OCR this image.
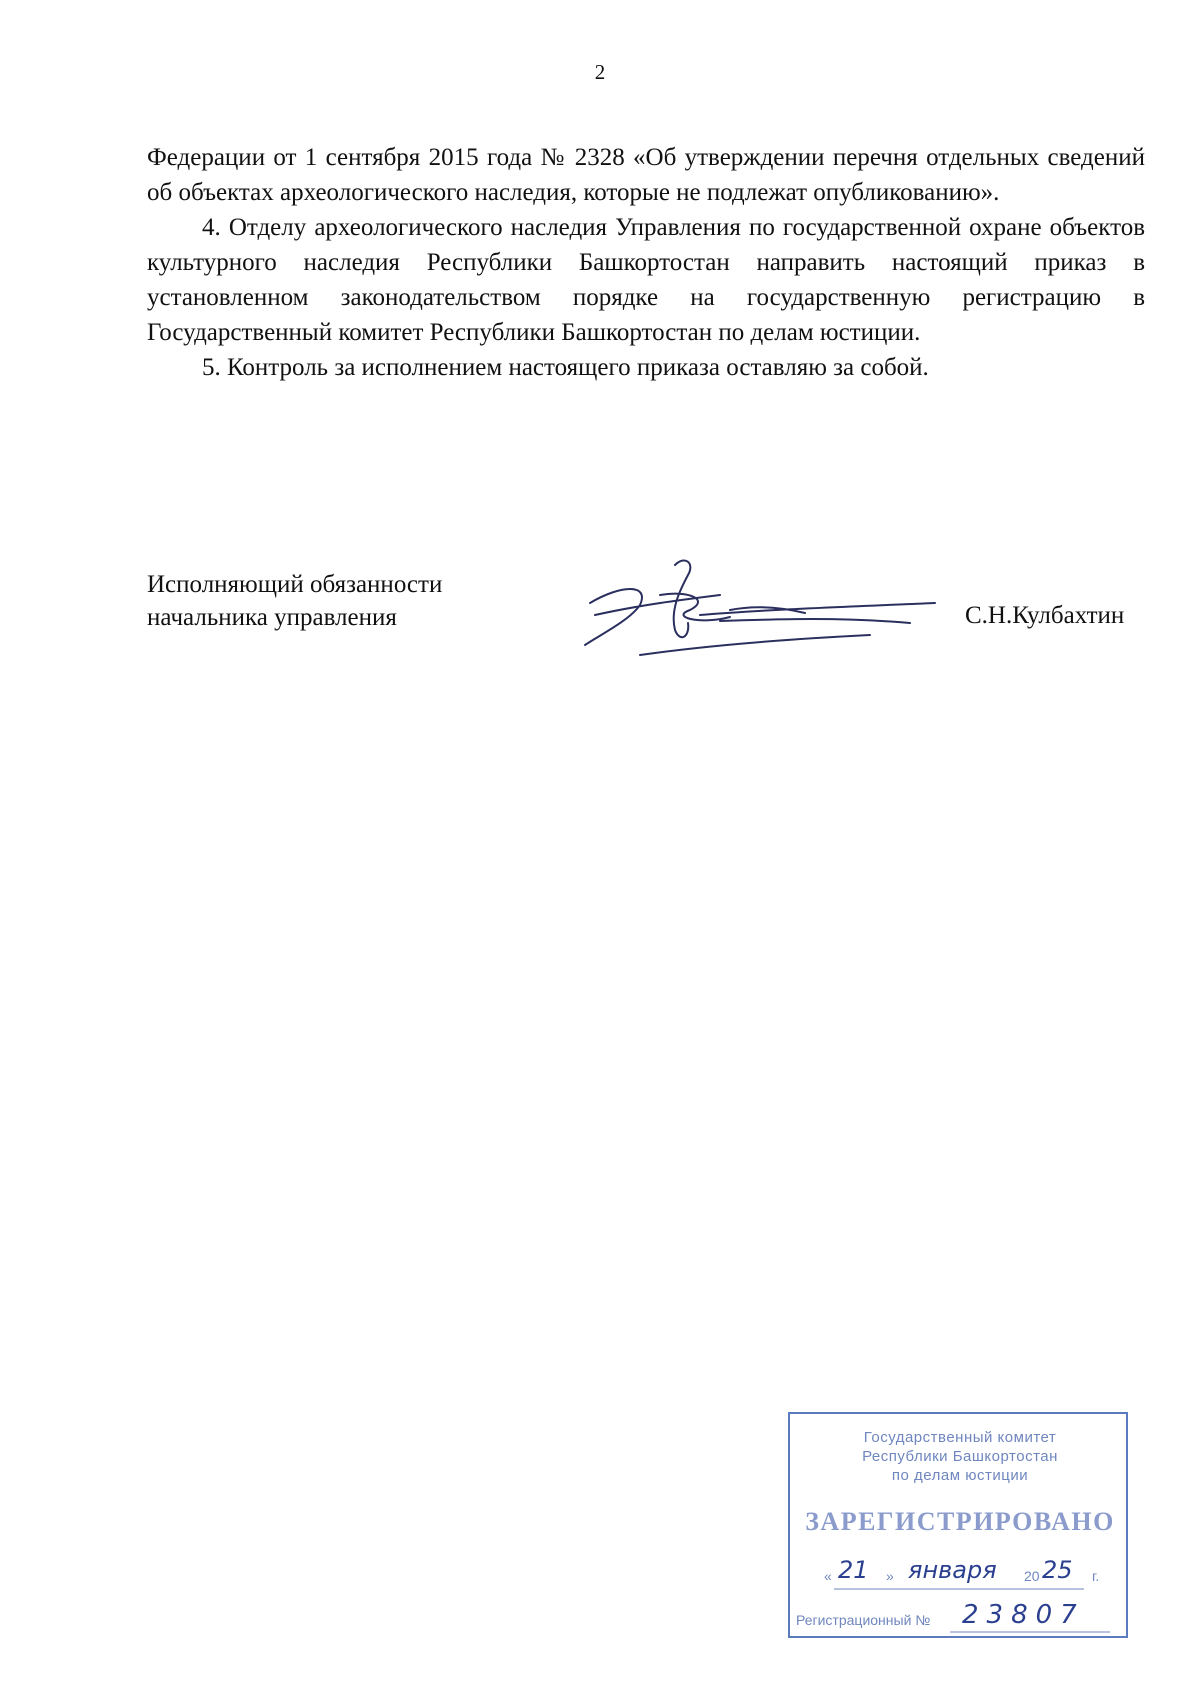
2

Федерации от 1 сентября 2015 года № 2328 «Об утверждении перечня отдельных сведений об объектах археологического наследия, которые не подлежат опубликованию».

4. Отделу археологического наследия Управления по государственной охране объектов культурного наследия Республики Башкортостан направить настоящий приказ в установленном законодательством порядке на государственную регистрацию в Государственный комитет Республики Башкортостан по делам юстиции.

5. Контроль за исполнением настоящего приказа оставляю за собой.

Исполняющий обязанности
начальника управления	С.Н.Кулбахтин
Государственный комитет
Республики Башкортостан
по делам юстиции
ЗАРЕГИСТРИРОВАНО
« 21 » января 20 25 г.
Регистрационный № 23807
